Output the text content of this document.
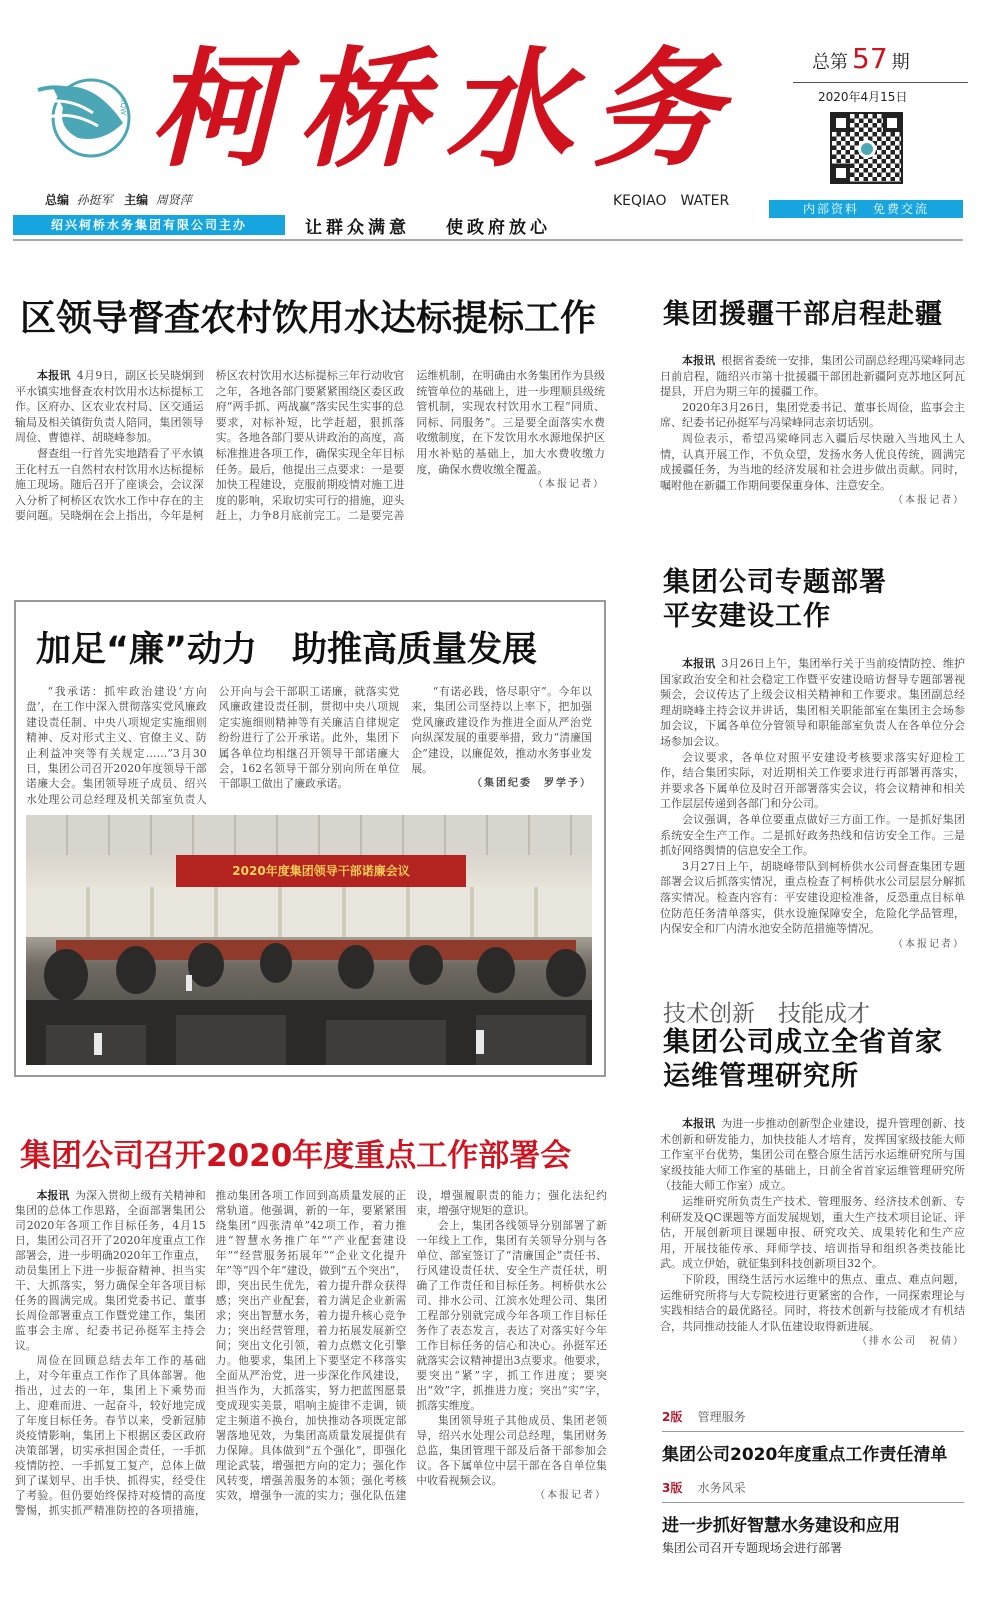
KQW 柯 桥 水 务
总编 孙挺军 主编 周贤萍
绍兴柯桥水务集团有限公司主办	让群众满意 使政府放心
KEQIAO　WATER
总第 57 期
2020年4月15日
内部资料　免费交流
区领导督查农村饮用水达标提标工作

本报讯 4月9日，副区长吴晓炯到平水镇实地督查农村饮用水达标提标工作。区府办、区农业农村局、区交通运输局及相关镇街负责人陪同，集团领导周俭、曹德祥、胡晓峰参加。

督查组一行首先实地踏看了平水镇王化村五一自然村农村饮用水达标提标施工现场。随后召开了座谈会，会议深入分析了柯桥区农饮水工作中存在的主要问题。吴晓炯在会上指出，今年是柯桥区农村饮用水达标提标三年行动收官之年，各地各部门要紧紧围绕区委区政府“两手抓、两战赢”落实民生实事的总要求，对标补短，比学赶超，狠抓落实。各地各部门要从讲政治的高度，高标准推进各项工作，确保实现全年目标任务。最后，他提出三点要求：一是要加快工程建设，克服前期疫情对施工进度的影响，采取切实可行的措施，迎头赶上，力争8月底前完工。二是要完善运维机制，在明确由水务集团作为县级统管单位的基础上，进一步理顺县级统管机制，实现农村饮用水工程“同质、同标、同服务”。三是要全面落实水费收缴制度，在下发饮用水水源地保护区用水补贴的基础上，加大水费收缴力度，确保水费收缴全覆盖。

（本报记者）

集团援疆干部启程赴疆

本报讯 根据省委统一安排，集团公司副总经理冯梁峰同志日前启程，随绍兴市第十批援疆干部团赴新疆阿克苏地区阿瓦提县，开启为期三年的援疆工作。

2020年3月26日，集团党委书记、董事长周俭，监事会主席、纪委书记孙挺军与冯梁峰同志亲切话别。

周俭表示，希望冯梁峰同志入疆后尽快融入当地风土人情，认真开展工作，不负众望，发扬水务人优良传统，圆满完成援疆任务，为当地的经济发展和社会进步做出贡献。同时，嘱咐他在新疆工作期间要保重身体、注意安全。

（本报记者）

加足“廉”动力　助推高质量发展

“我承诺：抓牢政治建设‘方向盘’，在工作中深入贯彻落实党风廉政建设责任制、中央八项规定实施细则精神、反对形式主义、官僚主义、防止利益冲突等有关规定……”3月30日，集团公司召开2020年度领导干部诺廉大会。集团领导班子成员、绍兴水处理公司总经理及机关部室负责人公开向与会干部职工诺廉，就落实党风廉政建设责任制，贯彻中央八项规定实施细则精神等有关廉洁自律规定纷纷进行了公开承诺。此外，集团下属各单位均相继召开领导干部诺廉大会，162名领导干部分别向所在单位干部职工做出了廉政承诺。

“有诺必践，恪尽职守”。今年以来，集团公司坚持以上率下，把加强党风廉政建设作为推进全面从严治党向纵深发展的重要举措，致力“清廉国企”建设，以廉促效，推动水务事业发展。

（集团纪委　罗学予）

2020年度集团领导干部诺廉会议
集团公司专题部署
平安建设工作

本报讯 3月26日上午，集团举行关于当前疫情防控、维护国家政治安全和社会稳定工作暨平安建设暗访督导专题部署视频会，会议传达了上级会议相关精神和工作要求。集团副总经理胡晓峰主持会议并讲话，集团相关职能部室在集团主会场参加会议，下属各单位分管领导和职能部室负责人在各单位分会场参加会议。

会议要求，各单位对照平安建设考核要求落实好迎检工作，结合集团实际，对近期相关工作要求进行再部署再落实，并要求各下属单位及时召开部署落实会议，将会议精神和相关工作层层传递到各部门和分公司。

会议强调，各单位要重点做好三方面工作。一是抓好集团系统安全生产工作。二是抓好政务热线和信访安全工作。三是抓好网络舆情的信息安全工作。

3月27日上午，胡晓峰带队到柯桥供水公司督查集团专题部署会议后抓落实情况，重点检查了柯桥供水公司层层分解抓落实情况。检查内容有：平安建设迎检准备，反恐重点目标单位防范任务清单落实，供水设施保障安全，危险化学品管理，内保安全和厂内清水池安全防范措施等情况。

（本报记者）

技术创新　技能成才
集团公司成立全省首家
运维管理研究所

本报讯 为进一步推动创新型企业建设，提升管理创新、技术创新和研发能力，加快技能人才培育，发挥国家级技能大师工作室平台优势，集团公司在整合原生活污水运维研究所与国家级技能大师工作室的基础上，日前全省首家运维管理研究所（技能大师工作室）成立。

运维研究所负责生产技术、管理服务、经济技术创新、专利研发及QC课题等方面发展规划，重大生产技术项目论证、评估，开展创新项目课题申报、研究攻关、成果转化和生产应用，开展技能传承、拜师学技、培训指导和组织各类技能比武。成立伊始，就征集到科技创新项目32个。

下阶段，围绕生活污水运维中的焦点、重点、难点问题，运维研究所将与大专院校进行更紧密的合作，一同探索理论与实践相结合的最优路径。同时，将技术创新与技能成才有机结合，共同推动技能人才队伍建设取得新进展。

（排水公司　祝倩）

集团公司召开2020年度重点工作部署会

本报讯 为深入贯彻上级有关精神和集团的总体工作思路，全面部署集团公司2020年各项工作目标任务，4月15日，集团公司召开了2020年度重点工作部署会，进一步明确2020年工作重点，动员集团上下进一步振奋精神、担当实干、大抓落实，努力确保全年各项目标任务的圆满完成。集团党委书记、董事长周俭部署重点工作暨党建工作，集团监事会主席、纪委书记孙挺军主持会议。

周俭在回顾总结去年工作的基础上，对今年重点工作作了具体部署。他指出，过去的一年，集团上下乘势而上、迎难而进、一起奋斗，较好地完成了年度目标任务。春节以来，受新冠肺炎疫情影响，集团上下根据区委区政府决策部署，切实承担国企责任，一手抓疫情防控、一手抓复工复产，总体上做到了谋划早、出手快、抓得实，经受住了考验。但仍要始终保持对疫情的高度警惕，抓实抓严精准防控的各项措施，推动集团各项工作回到高质量发展的正常轨道。他强调，新的一年，要紧紧围绕集团“四张清单”42项工作，着力推进“智慧水务推广年”“产业配套建设年”“经营服务拓展年”“企业文化提升年”等“四个年”建设，做到“五个突出”，即，突出民生优先，着力提升群众获得感；突出产业配套，着力满足企业新需求；突出智慧水务，着力提升核心竞争力；突出经营管理，着力拓展发展新空间；突出文化引领，着力点燃文化引擎力。他要求，集团上下要坚定不移落实全面从严治党，进一步深化作风建设，担当作为，大抓落实，努力把蓝图愿景变成现实美景，唱响主旋律不走调，锁定主频道不换台，加快推动各项既定部署落地见效，为集团高质量发展提供有力保障。具体做到“五个强化”，即强化理论武装，增强把方向的定力；强化作风转变，增强善服务的本领；强化考核实效，增强争一流的实力；强化队伍建设，增强履职责的能力；强化法纪约束，增强守规矩的意识。

会上，集团各线领导分别部署了新一年线上工作，集团有关领导分别与各单位、部室签订了“清廉国企”责任书、行风建设责任状、安全生产责任状，明确了工作责任和目标任务。柯桥供水公司、排水公司、江滨水处理公司、集团工程部分别就完成今年各项工作目标任务作了表态发言，表达了对落实好今年工作目标任务的信心和决心。孙挺军还就落实会议精神提出3点要求。他要求，要突出“紧”字，抓工作进度；要突出“效”字，抓推进力度；突出“实”字，抓落实维度。

集团领导班子其他成员、集团老领导，绍兴水处理公司总经理，集团财务总监，集团管理干部及后备干部参加会议。各下属单位中层干部在各自单位集中收看视频会议。

（本报记者）

2版 管理服务
集团公司2020年度重点工作责任清单
3版 水务风采
进一步抓好智慧水务建设和应用
集团公司召开专题现场会进行部署
